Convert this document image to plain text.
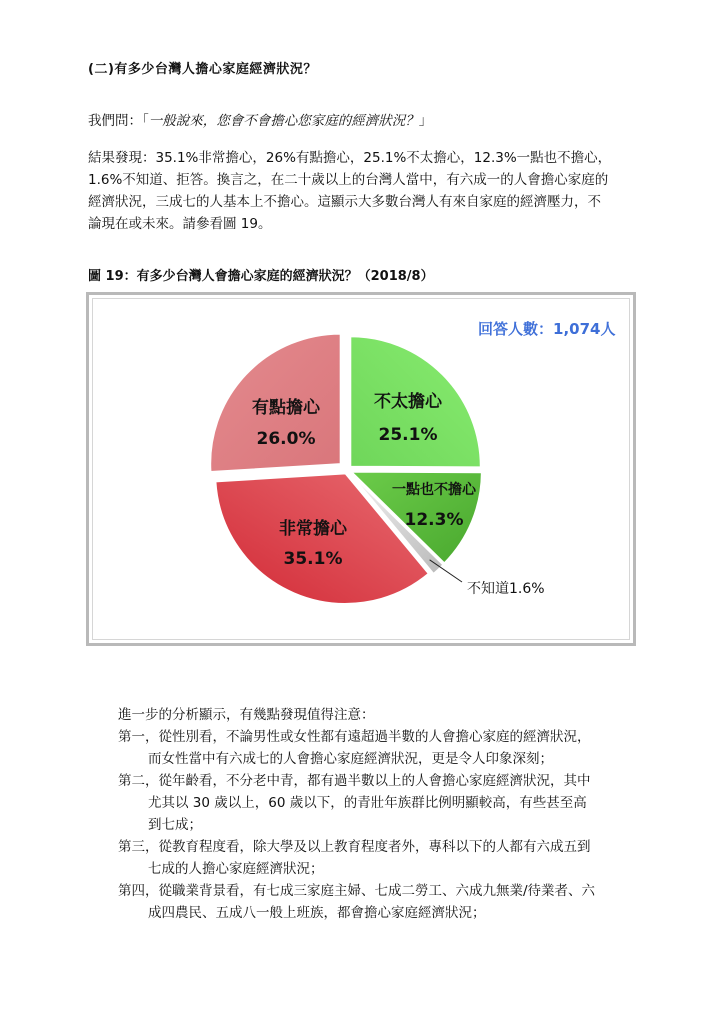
(二)有多少台灣人擔心家庭經濟狀況？
我們問：「一般說來，您會不會擔心您家庭的經濟狀況？」
結果發現：35.1%非常擔心，26%有點擔心，25.1%不太擔心，12.3%一點也不擔心，
1.6%不知道、拒答。換言之，在二十歲以上的台灣人當中，有六成一的人會擔心家庭的
經濟狀況，三成七的人基本上不擔心。這顯示大多數台灣人有來自家庭的經濟壓力，不
論現在或未來。請參看圖 19。
圖 19：有多少台灣人會擔心家庭的經濟狀況？（2018/8）
回答人數：1,074人
不太擔心
25.1%
一點也不擔心
12.3%
非常擔心
35.1%
有點擔心
26.0%
不知道1.6%
進一步的分析顯示，有幾點發現值得注意：
第一，從性別看，不論男性或女性都有遠超過半數的人會擔心家庭的經濟狀況，
而女性當中有六成七的人會擔心家庭經濟狀況，更是令人印象深刻；
第二，從年齡看，不分老中青，都有過半數以上的人會擔心家庭經濟狀況，其中
尤其以 30 歲以上，60 歲以下，的青壯年族群比例明顯較高，有些甚至高
到七成；
第三，從教育程度看，除大學及以上教育程度者外，專科以下的人都有六成五到
七成的人擔心家庭經濟狀況；
第四，從職業背景看，有七成三家庭主婦、七成二勞工、六成九無業/待業者、六
成四農民、五成八一般上班族，都會擔心家庭經濟狀況；
